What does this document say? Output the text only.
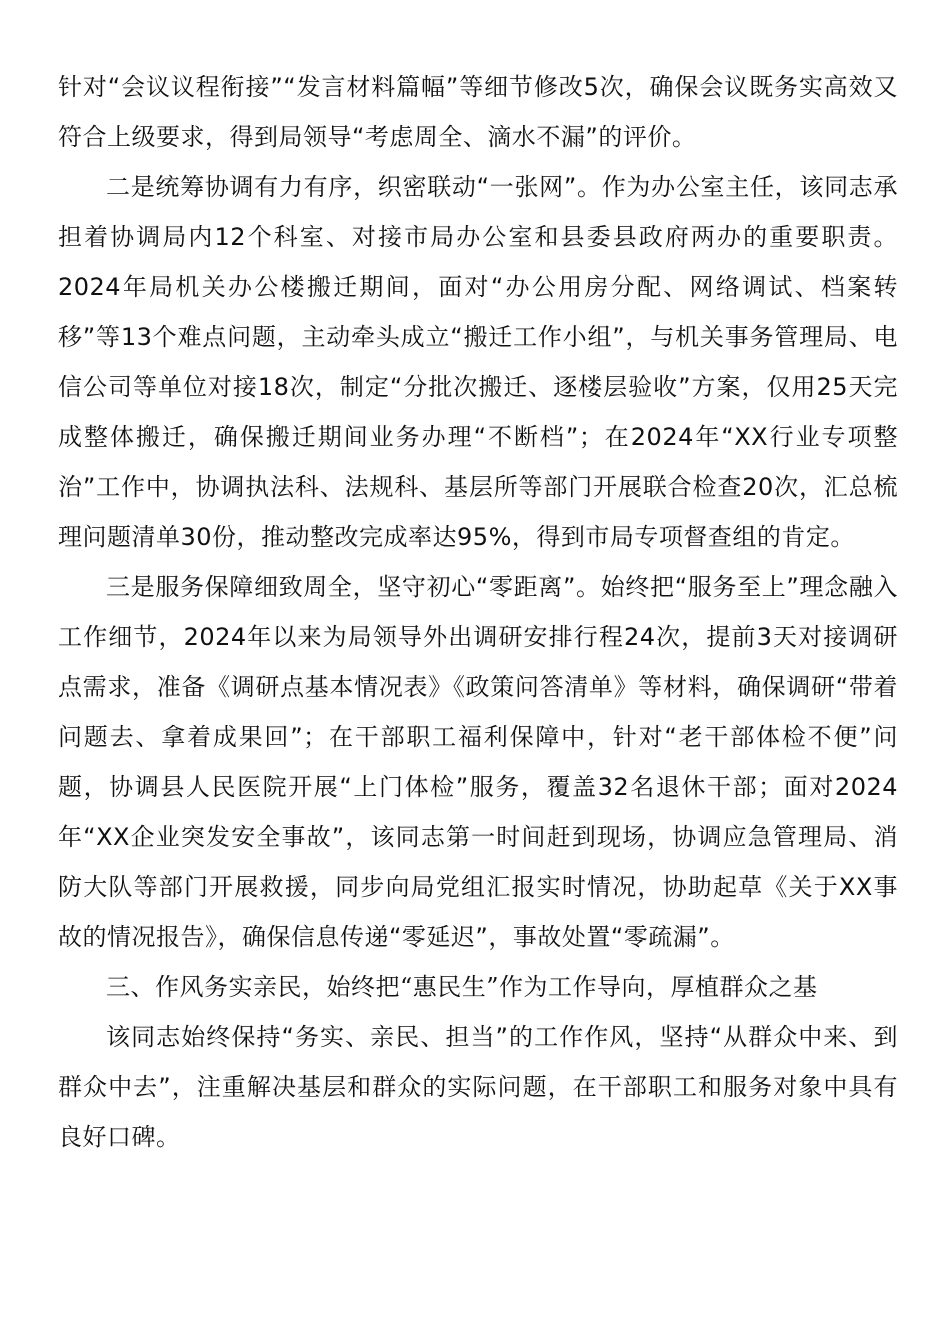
针对“会议议程衔接”“发言材料篇幅”等细节修改5次，确保会议既务实高效又符合上级要求，得到局领导“考虑周全、滴水不漏”的评价。

二是统筹协调有力有序，织密联动“一张网”。作为办公室主任，该同志承担着协调局内12个科室、对接市局办公室和县委县政府两办的重要职责。2024年局机关办公楼搬迁期间，面对“办公用房分配、网络调试、档案转移”等13个难点问题，主动牵头成立“搬迁工作小组”，与机关事务管理局、电信公司等单位对接18次，制定“分批次搬迁、逐楼层验收”方案，仅用25天完成整体搬迁，确保搬迁期间业务办理“不断档”；在2024年“XX行业专项整治”工作中，协调执法科、法规科、基层所等部门开展联合检查20次，汇总梳理问题清单30份，推动整改完成率达95%，得到市局专项督查组的肯定。

三是服务保障细致周全，坚守初心“零距离”。始终把“服务至上”理念融入工作细节，2024年以来为局领导外出调研安排行程24次，提前3天对接调研点需求，准备《调研点基本情况表》《政策问答清单》等材料，确保调研“带着问题去、拿着成果回”；在干部职工福利保障中，针对“老干部体检不便”问题，协调县人民医院开展“上门体检”服务，覆盖32名退休干部；面对2024年“XX企业突发安全事故”，该同志第一时间赶到现场，协调应急管理局、消防大队等部门开展救援，同步向局党组汇报实时情况，协助起草《关于XX事故的情况报告》，确保信息传递“零延迟”，事故处置“零疏漏”。

三、作风务实亲民，始终把“惠民生”作为工作导向，厚植群众之基

该同志始终保持“务实、亲民、担当”的工作作风，坚持“从群众中来、到群众中去”，注重解决基层和群众的实际问题，在干部职工和服务对象中具有良好口碑。
